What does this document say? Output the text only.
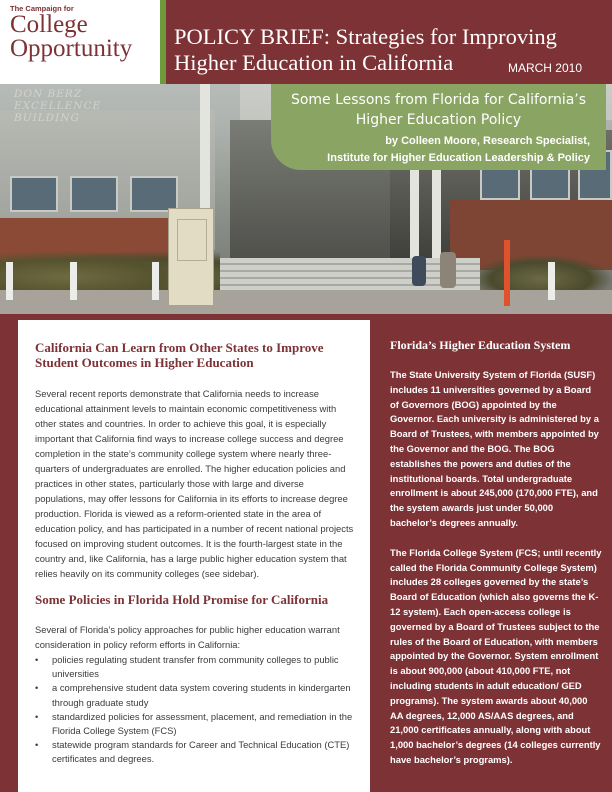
DON BERZ EXCELLENCE BUILDING
The Campaign for
College
Opportunity	POLICY BRIEF: Strategies for Improving Higher Education in California	MARCH 2010
Some Lessons from Florida for California’s Higher Education Policy
by Colleen Moore, Research Specialist,
Institute for Higher Education Leadership & Policy
California Can Learn from Other States to Improve Student Outcomes in Higher Education
Several recent reports demonstrate that California needs to increase educational attainment levels to maintain economic competitiveness with other states and countries. In order to achieve this goal, it is especially important that California find ways to increase college success and degree completion in the state’s community college system where nearly three-quarters of undergraduates are enrolled. The higher education policies and practices in other states, particularly those with large and diverse populations, may offer lessons for California in its efforts to increase degree production. Florida is viewed as a reform-oriented state in the area of education policy, and has participated in a number of recent national projects focused on improving student outcomes. It is the fourth-largest state in the country and, like California, has a large public higher education system that relies heavily on its community colleges (see sidebar).
Some Policies in Florida Hold Promise for California
Several of Florida’s policy approaches for public higher education warrant consideration in policy reform efforts in California:
• policies regulating student transfer from community colleges to public universities
• a comprehensive student data system covering students in kindergarten through graduate study
• standardized policies for assessment, placement, and remediation in the Florida College System (FCS)
• statewide program standards for Career and Technical Education (CTE) certificates and degrees.
Florida’s Higher Education System
The State University System of Florida (SUSF) includes 11 universities governed by a Board of Governors (BOG) appointed by the Governor. Each university is administered by a Board of Trustees, with members appointed by the Governor and the BOG. The BOG establishes the powers and duties of the institutional boards. Total undergraduate enrollment is about 245,000 (170,000 FTE), and the system awards just under 50,000 bachelor’s degrees annually.
The Florida College System (FCS; until recently called the Florida Community College System) includes 28 colleges governed by the state’s Board of Education (which also governs the K-12 system). Each open-access college is governed by a Board of Trustees subject to the rules of the Board of Education, with members appointed by the Governor. System enrollment is about 900,000 (about 410,000 FTE, not including students in adult education/ GED programs). The system awards about 40,000 AA degrees, 12,000 AS/AAS degrees, and 21,000 certificates annually, along with about 1,000 bachelor’s degrees (14 colleges currently have bachelor’s programs).
